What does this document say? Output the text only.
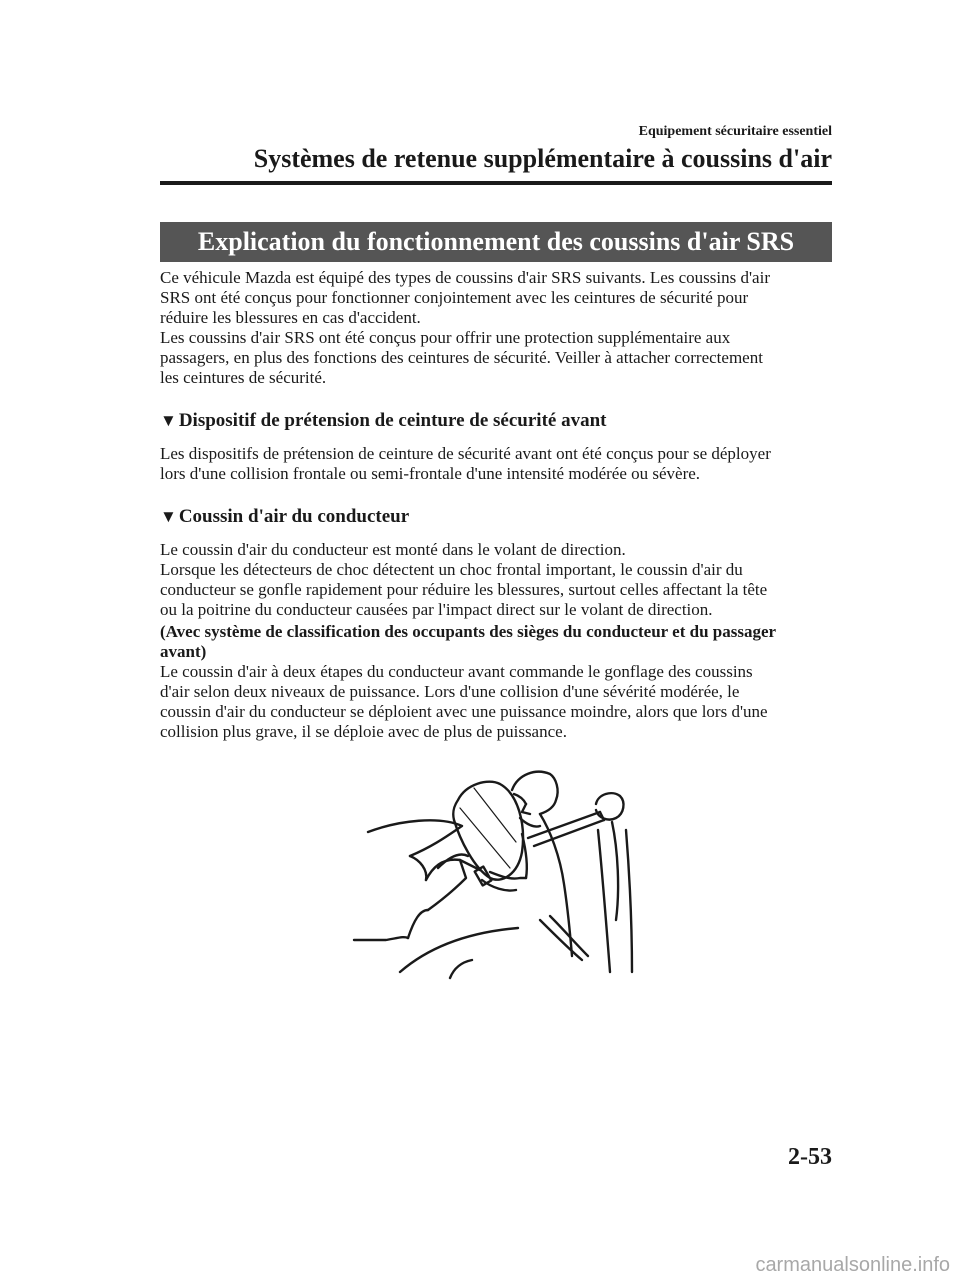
Equipement sécuritaire essentiel
Systèmes de retenue supplémentaire à coussins d'air
Explication du fonctionnement des coussins d'air SRS

Ce véhicule Mazda est équipé des types de coussins d'air SRS suivants. Les coussins d'air

SRS ont été conçus pour fonctionner conjointement avec les ceintures de sécurité pour

réduire les blessures en cas d'accident.

Les coussins d'air SRS ont été conçus pour offrir une protection supplémentaire aux

passagers, en plus des fonctions des ceintures de sécurité. Veiller à attacher correctement

les ceintures de sécurité.

▼ Dispositif de prétension de ceinture de sécurité avant

Les dispositifs de prétension de ceinture de sécurité avant ont été conçus pour se déployer

lors d'une collision frontale ou semi-frontale d'une intensité modérée ou sévère.

▼ Coussin d'air du conducteur

Le coussin d'air du conducteur est monté dans le volant de direction.

Lorsque les détecteurs de choc détectent un choc frontal important, le coussin d'air du

conducteur se gonfle rapidement pour réduire les blessures, surtout celles affectant la tête

ou la poitrine du conducteur causées par l'impact direct sur le volant de direction.

(Avec système de classification des occupants des sièges du conducteur et du passager

avant)

Le coussin d'air à deux étapes du conducteur avant commande le gonflage des coussins

d'air selon deux niveaux de puissance. Lors d'une collision d'une sévérité modérée, le

coussin d'air du conducteur se déploient avec une puissance moindre, alors que lors d'une

collision plus grave, il se déploie avec de plus de puissance.

2-53
carmanualsonline.info
